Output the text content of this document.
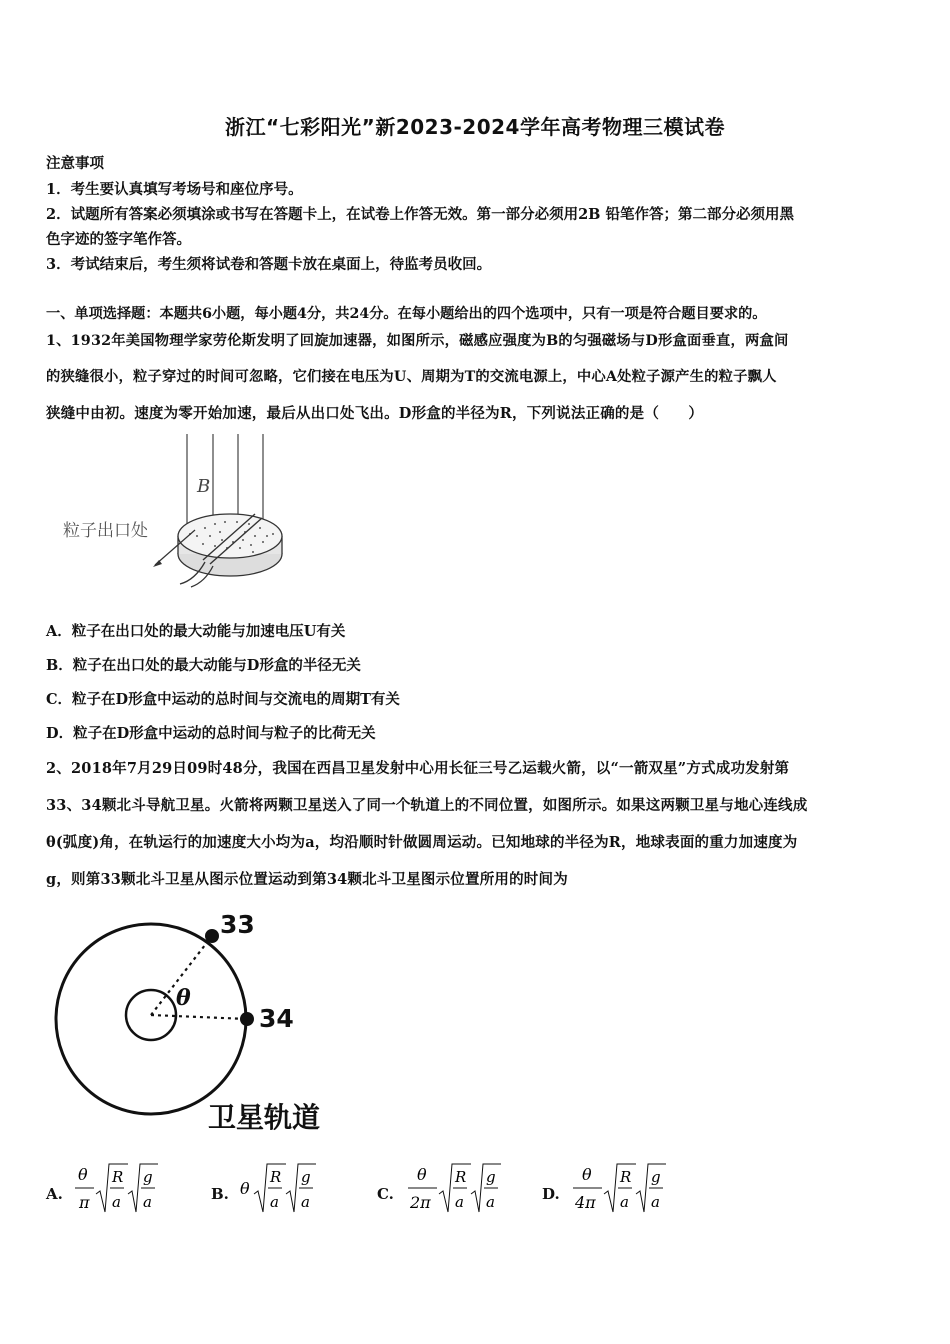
浙江“七彩阳光”新2023-2024学年高考物理三模试卷
注意事项
1．考生要认真填写考场号和座位序号。
2．试题所有答案必须填涂或书写在答题卡上，在试卷上作答无效。第一部分必须用2B 铅笔作答；第二部分必须用黑
色字迹的签字笔作答。
3．考试结束后，考生须将试卷和答题卡放在桌面上，待监考员收回。
一、单项选择题：本题共6小题，每小题4分，共24分。在每小题给出的四个选项中，只有一项是符合题目要求的。
1、1932年美国物理学家劳伦斯发明了回旋加速器，如图所示，磁感应强度为B的匀强磁场与D形盒面垂直，两盒间
的狭缝很小，粒子穿过的时间可忽略，它们接在电压为U、周期为T的交流电源上，中心A处粒子源产生的粒子飘人
狭缝中由初。速度为零开始加速，最后从出口处飞出。D形盒的半径为R，下列说法正确的是（　　）
B
粒子出口处
A．粒子在出口处的最大动能与加速电压U有关
B．粒子在出口处的最大动能与D形盒的半径无关
C．粒子在D形盒中运动的总时间与交流电的周期T有关
D．粒子在D形盒中运动的总时间与粒子的比荷无关
2、2018年7月29日09时48分，我国在西昌卫星发射中心用长征三号乙运载火箭，以“一箭双星”方式成功发射第
33、34颗北斗导航卫星。火箭将两颗卫星送入了同一个轨道上的不同位置，如图所示。如果这两颗卫星与地心连线成
θ(弧度)角，在轨运行的加速度大小均为a，均沿顺时针做圆周运动。已知地球的半径为R，地球表面的重力加速度为
g，则第33颗北斗卫星从图示位置运动到第34颗北斗卫星图示位置所用的时间为
33
34
θ
卫星轨道
A.
θ
π
R
a
g
a	B. θ
R
a
g
a	C.
θ
2π
R
a
g
a	D.
θ
4π
R
a
g
a
